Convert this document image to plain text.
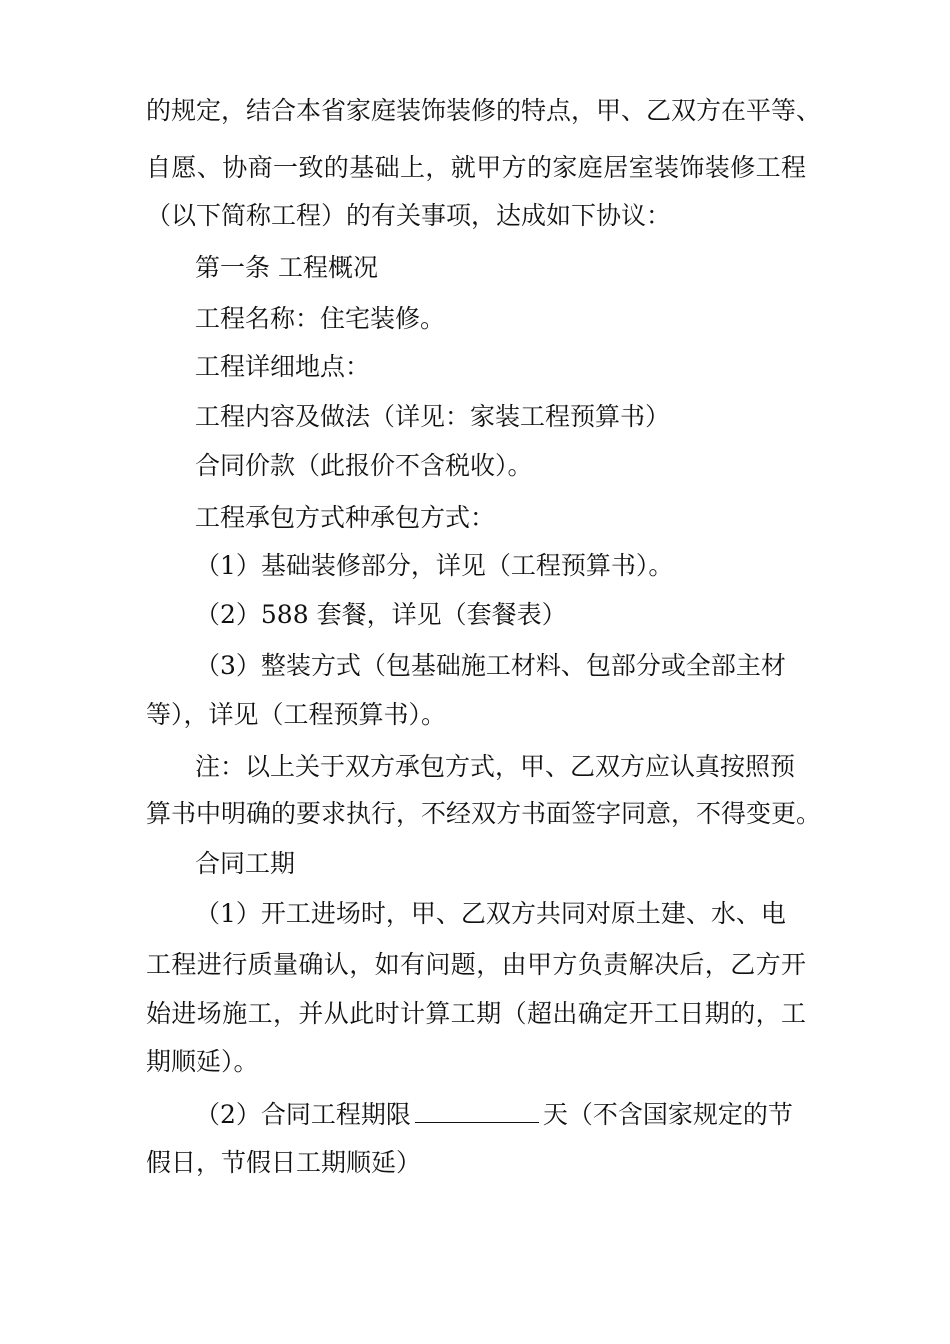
的规定，结合本省家庭装饰装修的特点，甲、乙双方在平等、
自愿、协商一致的基础上，就甲方的家庭居室装饰装修工程
（以下简称工程）的有关事项，达成如下协议：
第一条 工程概况
工程名称：住宅装修。
工程详细地点：
工程内容及做法（详见：家装工程预算书）
合同价款（此报价不含税收）。
工程承包方式种承包方式：
（1）基础装修部分，详见（工程预算书）。
（2）588 套餐，详见（套餐表）
（3）整装方式（包基础施工材料、包部分或全部主材
等），详见（工程预算书）。
注：以上关于双方承包方式，甲、乙双方应认真按照预
算书中明确的要求执行，不经双方书面签字同意，不得变更。
合同工期
（1）开工进场时，甲、乙双方共同对原土建、水、电
工程进行质量确认，如有问题，由甲方负责解决后，乙方开
始进场施工，并从此时计算工期（超出确定开工日期的，工
期顺延）。
（2）合同工程期限	天（不含国家规定的节
假日，节假日工期顺延）
